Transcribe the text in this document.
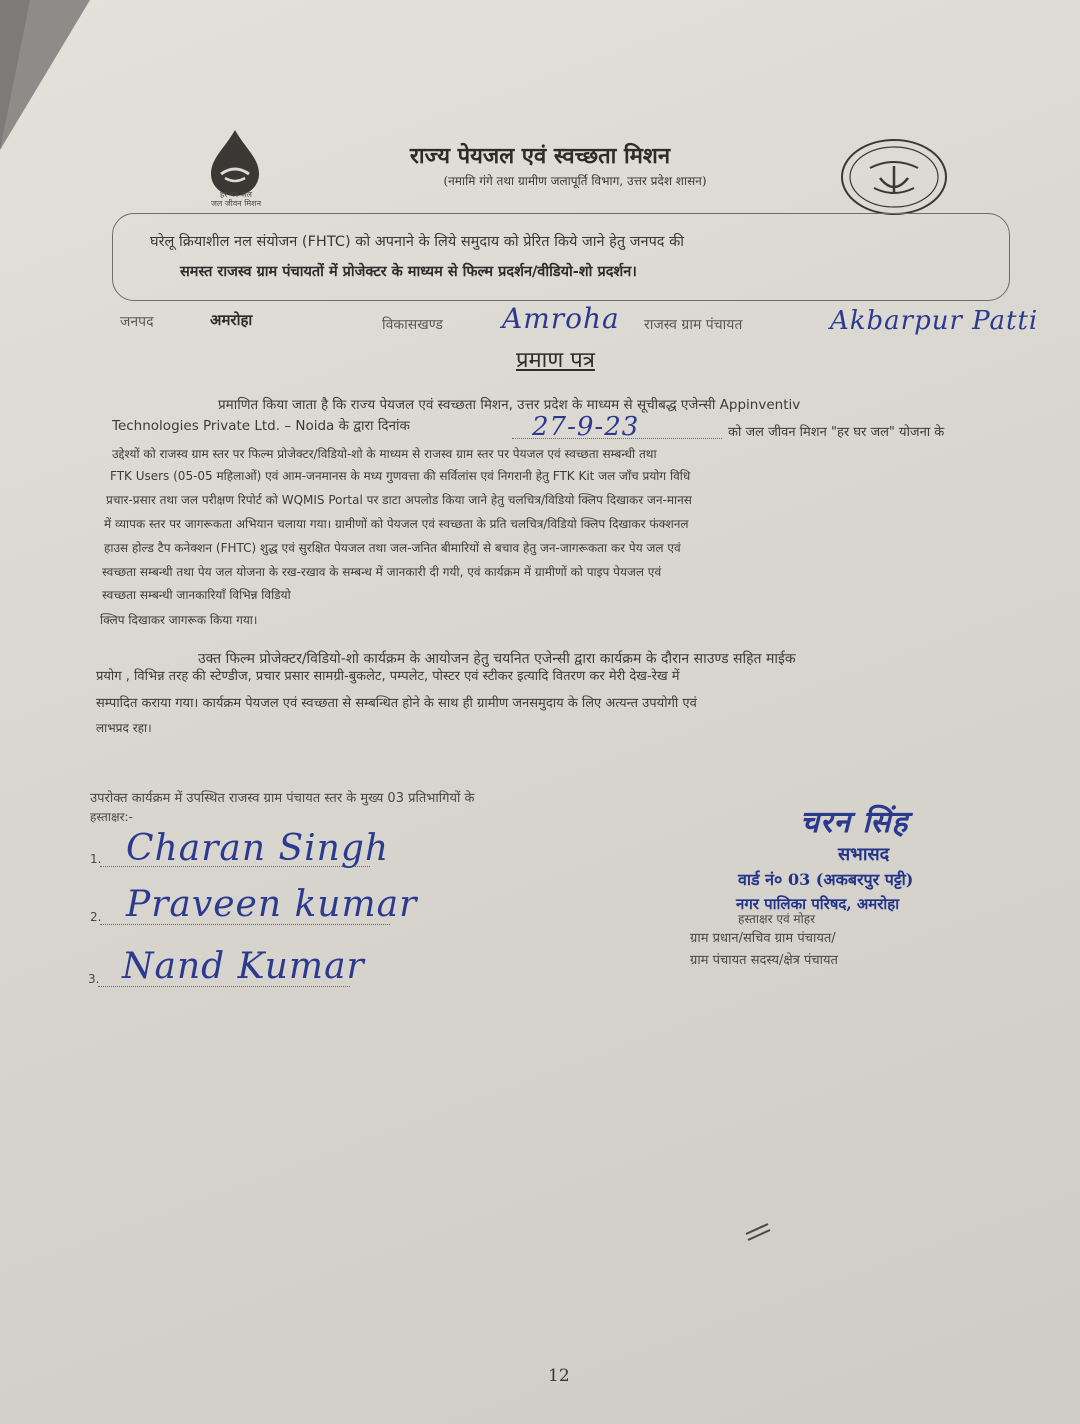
हर घर जल
जल जीवन मिशन
राज्य पेयजल एवं स्वच्छता मिशन
(नमामि गंगे तथा ग्रामीण जलापूर्ति विभाग, उत्तर प्रदेश शासन)
घरेलू क्रियाशील नल संयोजन (FHTC) को अपनाने के लिये समुदाय को प्रेरित किये जाने हेतु जनपद की
समस्त राजस्व ग्राम पंचायतों में प्रोजेक्टर के माध्यम से फिल्म प्रदर्शन/वीडियो-शो प्रदर्शन।
जनपद	अमरोहा	विकासखण्ड Amroha राजस्व ग्राम पंचायत	Akbarpur Patti
प्रमाण पत्र
प्रमाणित किया जाता है कि राज्य पेयजल एवं स्वच्छता मिशन, उत्तर प्रदेश के माध्यम से सूचीबद्ध एजेन्सी Appinventiv
Technologies Private Ltd. – Noida के द्वारा दिनांक	27-9-23	को जल जीवन मिशन "हर घर जल" योजना के
उद्देश्यों को राजस्व ग्राम स्तर पर फिल्म प्रोजेक्टर/विडियो-शो के माध्यम से राजस्व ग्राम स्तर पर पेयजल एवं स्वच्छता सम्बन्धी तथा
FTK Users (05-05 महिलाओं) एवं आम-जनमानस के मध्य गुणवत्ता की सर्विलांस एवं निगरानी हेतु FTK Kit जल जाँच प्रयोग विधि
प्रचार-प्रसार तथा जल परीक्षण रिपोर्ट को WQMIS Portal पर डाटा अपलोड किया जाने हेतु चलचित्र/विडियो क्लिप दिखाकर जन-मानस
में व्यापक स्तर पर जागरूकता अभियान चलाया गया। ग्रामीणों को पेयजल एवं स्वच्छता के प्रति चलचित्र/विडियो क्लिप दिखाकर फंक्शनल
हाउस होल्ड टैप कनेक्शन (FHTC) शुद्ध एवं सुरक्षित पेयजल तथा जल-जनित बीमारियों से बचाव हेतु जन-जागरूकता कर पेय जल एवं
स्वच्छता सम्बन्धी तथा पेय जल योजना के रख-रखाव के सम्बन्ध में जानकारी दी गयी, एवं कार्यक्रम में ग्रामीणों को पाइप पेयजल एवं
स्वच्छता सम्बन्धी जानकारियाँ विभिन्न विडियो
क्लिप दिखाकर जागरूक किया गया।
उक्त फिल्म प्रोजेक्टर/विडियो-शो कार्यक्रम के आयोजन हेतु चयनित एजेन्सी द्वारा कार्यक्रम के दौरान साउण्ड सहित माईक
प्रयोग , विभिन्न तरह की स्टेण्डीज, प्रचार प्रसार सामग्री-बुकलेट, पम्पलेट, पोस्टर एवं स्टीकर इत्यादि वितरण कर मेरी देख-रेख में
सम्पादित कराया गया। कार्यक्रम पेयजल एवं स्वच्छता से सम्बन्धित होने के साथ ही ग्रामीण जनसमुदाय के लिए अत्यन्त उपयोगी एवं
लाभप्रद रहा।
उपरोक्त कार्यक्रम में उपस्थित राजस्व ग्राम पंचायत स्तर के मुख्य 03 प्रतिभागियों के
हस्ताक्षर:-
1. Charan Singh
2. Praveen kumar
3. Nand Kumar
चरन सिंह
सभासद
वार्ड नं० 03 (अकबरपुर पट्टी)
नगर पालिका परिषद, अमरोहा
हस्ताक्षर एवं मोहर
ग्राम प्रधान/सचिव ग्राम पंचायत/
ग्राम पंचायत सदस्य/क्षेत्र पंचायत
12
